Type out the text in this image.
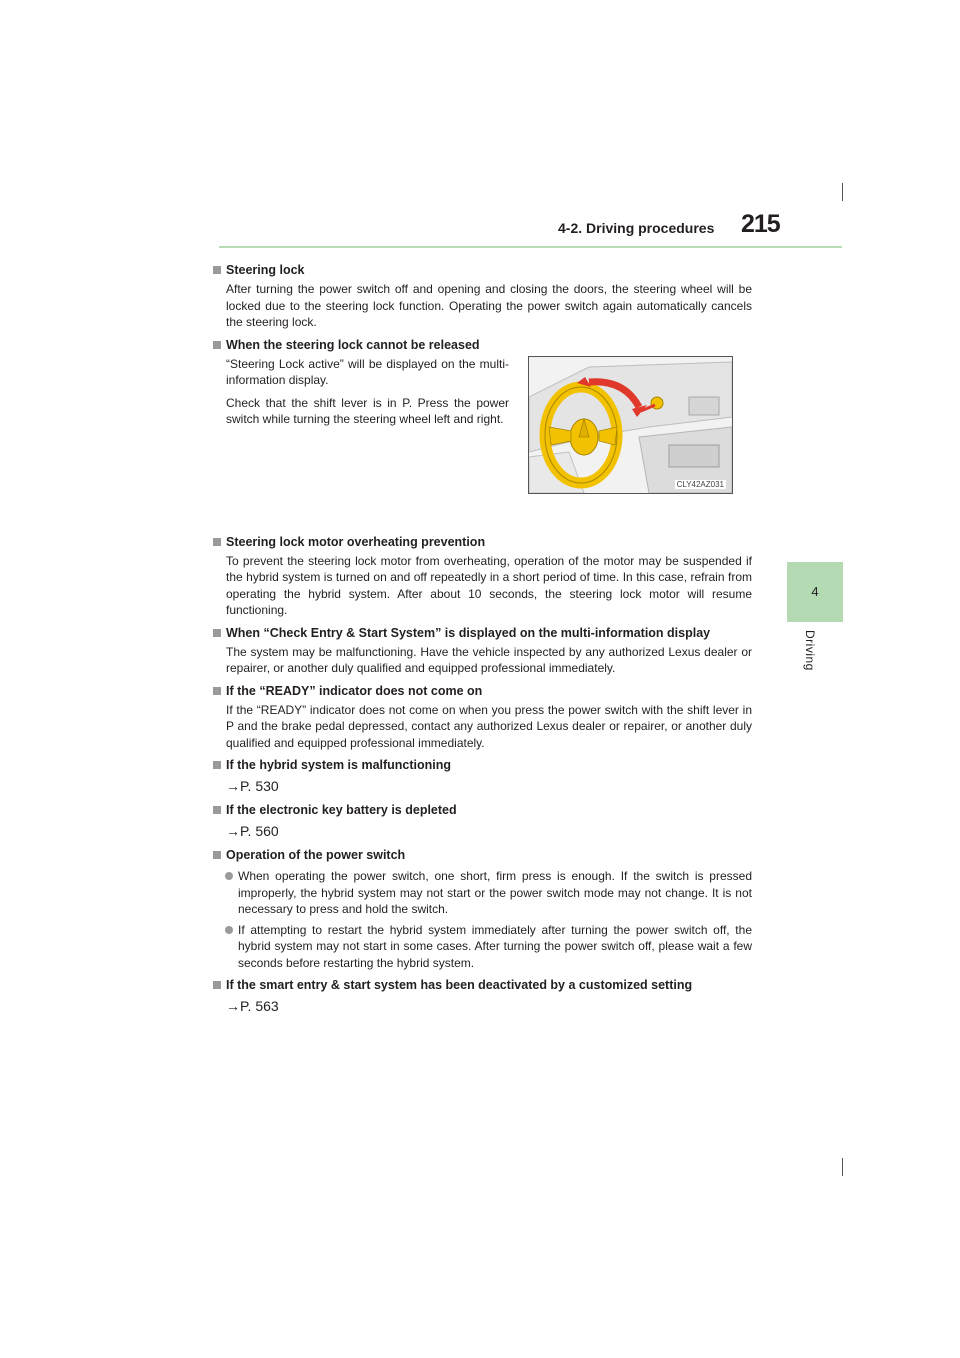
4-2. Driving procedures 215
4
Driving
Steering lock
After turning the power switch off and opening and closing the doors, the steering wheel will be locked due to the steering lock function. Operating the power switch again automatically cancels the steering lock.
When the steering lock cannot be released

“Steering Lock active” will be displayed on the multi-information display.

Check that the shift lever is in P. Press the power switch while turning the steering wheel left and right.

CLY42AZ031
Steering lock motor overheating prevention
To prevent the steering lock motor from overheating, operation of the motor may be suspended if the hybrid system is turned on and off repeatedly in a short period of time. In this case, refrain from operating the hybrid system. After about 10 seconds, the steering lock motor will resume functioning.
When “Check Entry & Start System” is displayed on the multi-information display
The system may be malfunctioning. Have the vehicle inspected by any authorized Lexus dealer or repairer, or another duly qualified and equipped professional immediately.
If the “READY” indicator does not come on
If the “READY” indicator does not come on when you press the power switch with the shift lever in P and the brake pedal depressed, contact any authorized Lexus dealer or repairer, or another duly qualified and equipped professional immediately.
If the hybrid system is malfunctioning
→P. 530
If the electronic key battery is depleted
→P. 560
Operation of the power switch
When operating the power switch, one short, firm press is enough. If the switch is pressed improperly, the hybrid system may not start or the power switch mode may not change. It is not necessary to press and hold the switch.
If attempting to restart the hybrid system immediately after turning the power switch off, the hybrid system may not start in some cases. After turning the power switch off, please wait a few seconds before restarting the hybrid system.
If the smart entry & start system has been deactivated by a customized setting
→P. 563
